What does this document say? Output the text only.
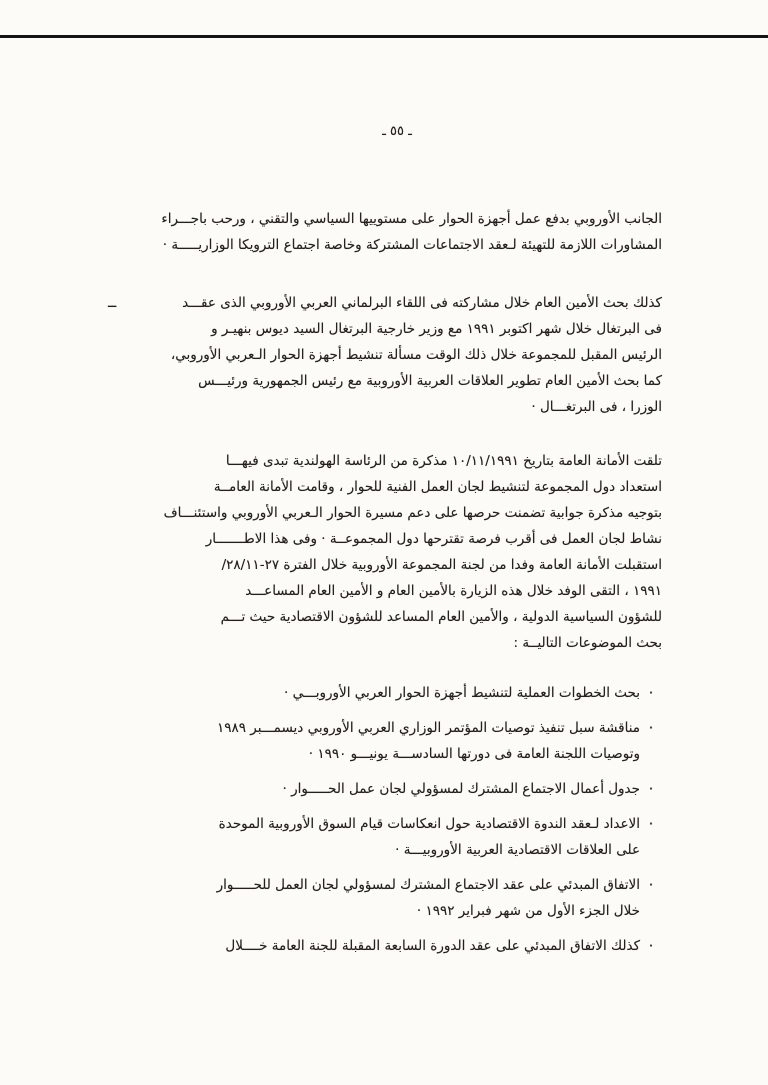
ـ ٥٥ ـ
ــ

الجانب الأوروبي بدفع عمل أجهزة الحوار على مستوييها السياسي والتقني ، ورحب باجـــراء
المشاورات اللازمة للتهيئة لـعقد الاجتماعات المشتركة وخاصة اجتماع الترويكا الوزاريـــــة ·

كذلك بحث الأمين العام خلال مشاركته فى اللقاء البرلماني العربي الأوروبي الذى عقـــد
فى البرتغال خلال شهر اكتوبر ١٩٩١ مع وزير خارجية البرتغال السيد ديوس بنهيـر و
الرئيس المقبل للمجموعة خلال ذلك الوقت مسألة تنشيط أجهزة الحوار الـعربي الأوروبي،
كما بحث الأمين العام تطوير العلاقات العربية الأوروبية مع رئيس الجمهورية ورئيـــس
الوزرا ، فى البرتغـــال ·

تلقت الأمانة العامة بتاريخ ١٠/١١/١٩٩١ مذكرة من الرئاسة الهولندية تبدى فيهـــا
استعداد دول المجموعة لتنشيط لجان العمل الفنية للحوار ، وقامت الأمانة العامــة
بتوجيه مذكرة جوابية تضمنت حرصها على دعم مسيرة الحوار الـعربي الأوروبي واستئنـــاف
نشاط لجان العمل فى أقرب فرصة تقترحها دول المجموعــة · وفى هذا الاطـــــــار
استقبلت الأمانة العامة وفدا من لجنة المجموعة الأوروبية خلال الفترة ٢٧-٢٨/١١/
١٩٩١ ، التقى الوفد خلال هذه الزيارة بالأمين العام و الأمين العام المساعـــد
للشؤون السياسية الدولية ، والأمين العام المساعد للشؤون الاقتصادية حيث تـــم
بحث الموضوعات التاليــة :

·
بحث الخطوات العملية لتنشيط أجهزة الحوار العربي الأوروبـــي ·
·
مناقشة سبل تنفيذ توصيات المؤتمر الوزاري العربي الأوروبي ديسمـــبر ١٩٨٩
وتوصيات اللجنة العامة فى دورتها السادســـة يونيـــو ١٩٩٠ ·
·
جدول أعمال الاجتماع المشترك لمسؤولي لجان عمل الحـــــوار ·
·
الاعداد لـعقد الندوة الاقتصادية حول انعكاسات قيام السوق الأوروبية الموحدة
على العلاقات الاقتصادية العربية الأوروبيـــة ·
·
الاتفاق المبدئي على عقد الاجتماع المشترك لمسؤولي لجان العمل للحـــــوار
خلال الجزء الأول من شهر فبراير ١٩٩٢ ·
·
كذلك الاتفاق المبدئي على عقد الدورة السابعة المقبلة للجنة العامة خــــلال
